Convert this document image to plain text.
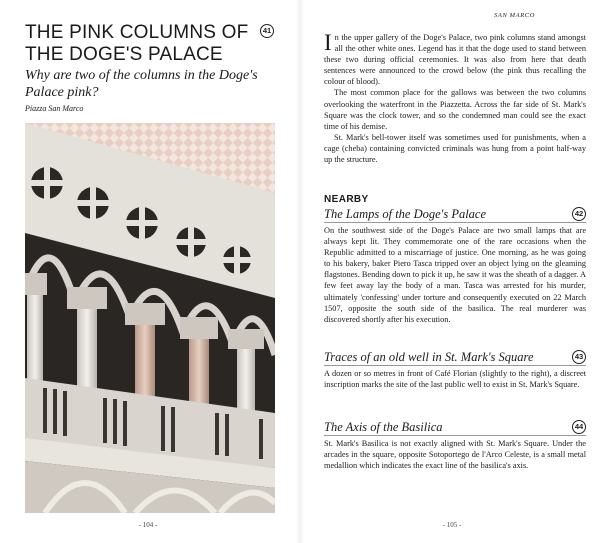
THE PINK COLUMNS OF THE DOGE'S PALACE
41

Why are two of the columns in the Doge's Palace pink?

Piazza San Marco
- 104 -
SAN MARCO

In the upper gallery of the Doge's Palace, two pink columns stand amongst all the other white ones. Legend has it that the doge used to stand between these two during official ceremonies. It was also from here that death sentences were announced to the crowd below (the pink thus recalling the colour of blood).

The most common place for the gallows was between the two columns overlooking the waterfront in the Piazzetta. Across the far side of St. Mark's Square was the clock tower, and so the condemned man could see the exact time of his demise.

St. Mark's bell-tower itself was sometimes used for punishments, when a cage (cheba) containing convicted criminals was hung from a point half-way up the structure.

NEARBY
The Lamps of the Doge's Palace	42

On the southwest side of the Doge's Palace are two small lamps that are always kept lit. They commemorate one of the rare occasions when the Republic admitted to a miscarriage of justice. One morning, as he was going to his bakery, baker Piero Tasca tripped over an object lying on the gleaming flagstones. Bending down to pick it up, he saw it was the sheath of a dagger. A few feet away lay the body of a man. Tasca was arrested for his murder, ultimately 'confessing' under torture and consequently executed on 22 March 1507, opposite the south side of the basilica. The real murderer was discovered shortly after his execution.

Traces of an old well in St. Mark's Square	43

A dozen or so metres in front of Café Florian (slightly to the right), a discreet inscription marks the site of the last public well to exist in St. Mark's Square.

The Axis of the Basilica	44

St. Mark's Basilica is not exactly aligned with St. Mark's Square. Under the arcades in the square, opposite Sotoportego de l'Arco Celeste, is a small metal medallion which indicates the exact line of the basilica's axis.

- 105 -
